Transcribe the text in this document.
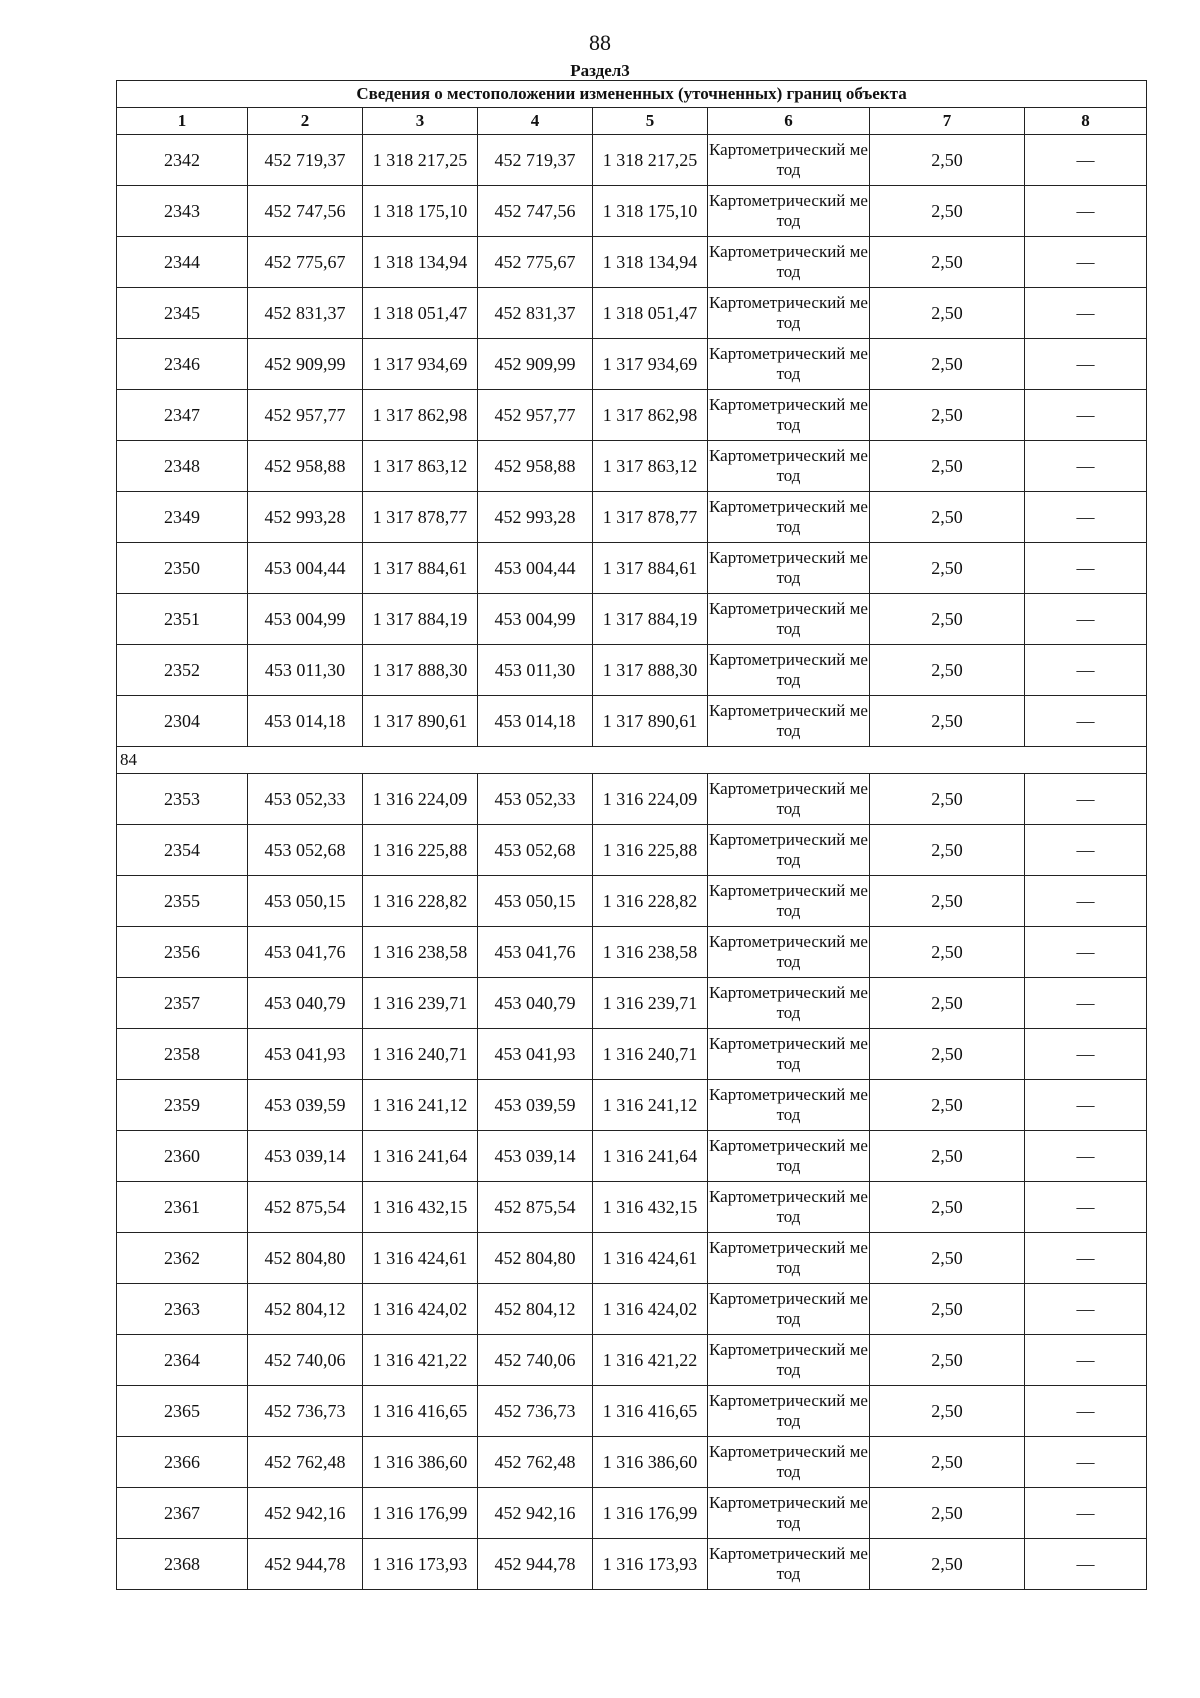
88
Раздел3
Сведения о местоположении измененных (уточненных) границ объекта							
1	2	3	4	5	6	7	8
2342	452 719,37	1 318 217,25	452 719,37	1 318 217,25	Картометрический метод	2,50	—
2343	452 747,56	1 318 175,10	452 747,56	1 318 175,10	Картометрический метод	2,50	—
2344	452 775,67	1 318 134,94	452 775,67	1 318 134,94	Картометрический метод	2,50	—
2345	452 831,37	1 318 051,47	452 831,37	1 318 051,47	Картометрический метод	2,50	—
2346	452 909,99	1 317 934,69	452 909,99	1 317 934,69	Картометрический метод	2,50	—
2347	452 957,77	1 317 862,98	452 957,77	1 317 862,98	Картометрический метод	2,50	—
2348	452 958,88	1 317 863,12	452 958,88	1 317 863,12	Картометрический метод	2,50	—
2349	452 993,28	1 317 878,77	452 993,28	1 317 878,77	Картометрический метод	2,50	—
2350	453 004,44	1 317 884,61	453 004,44	1 317 884,61	Картометрический метод	2,50	—
2351	453 004,99	1 317 884,19	453 004,99	1 317 884,19	Картометрический метод	2,50	—
2352	453 011,30	1 317 888,30	453 011,30	1 317 888,30	Картометрический метод	2,50	—
2304	453 014,18	1 317 890,61	453 014,18	1 317 890,61	Картометрический метод	2,50	—
84							
2353	453 052,33	1 316 224,09	453 052,33	1 316 224,09	Картометрический метод	2,50	—
2354	453 052,68	1 316 225,88	453 052,68	1 316 225,88	Картометрический метод	2,50	—
2355	453 050,15	1 316 228,82	453 050,15	1 316 228,82	Картометрический метод	2,50	—
2356	453 041,76	1 316 238,58	453 041,76	1 316 238,58	Картометрический метод	2,50	—
2357	453 040,79	1 316 239,71	453 040,79	1 316 239,71	Картометрический метод	2,50	—
2358	453 041,93	1 316 240,71	453 041,93	1 316 240,71	Картометрический метод	2,50	—
2359	453 039,59	1 316 241,12	453 039,59	1 316 241,12	Картометрический метод	2,50	—
2360	453 039,14	1 316 241,64	453 039,14	1 316 241,64	Картометрический метод	2,50	—
2361	452 875,54	1 316 432,15	452 875,54	1 316 432,15	Картометрический метод	2,50	—
2362	452 804,80	1 316 424,61	452 804,80	1 316 424,61	Картометрический метод	2,50	—
2363	452 804,12	1 316 424,02	452 804,12	1 316 424,02	Картометрический метод	2,50	—
2364	452 740,06	1 316 421,22	452 740,06	1 316 421,22	Картометрический метод	2,50	—
2365	452 736,73	1 316 416,65	452 736,73	1 316 416,65	Картометрический метод	2,50	—
2366	452 762,48	1 316 386,60	452 762,48	1 316 386,60	Картометрический метод	2,50	—
2367	452 942,16	1 316 176,99	452 942,16	1 316 176,99	Картометрический метод	2,50	—
2368	452 944,78	1 316 173,93	452 944,78	1 316 173,93	Картометрический метод	2,50	—
